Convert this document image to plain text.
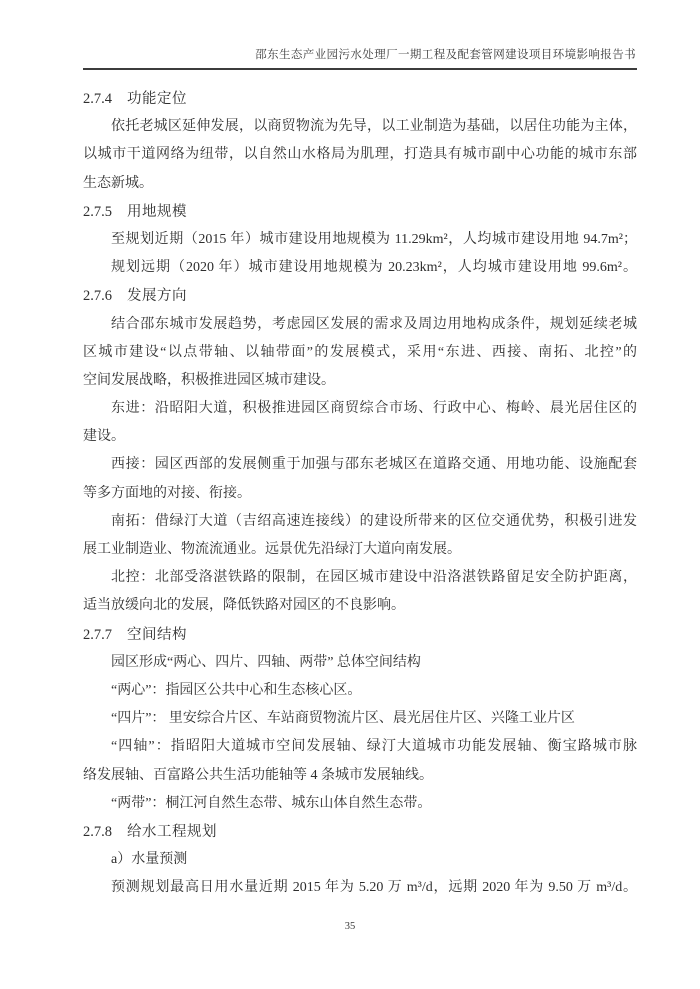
邵东生态产业园污水处理厂一期工程及配套管网建设项目环境影响报告书
2.7.4 功能定位
依托老城区延伸发展，以商贸物流为先导，以工业制造为基础，以居住功能为主体，
以城市干道网络为纽带，以自然山水格局为肌理，打造具有城市副中心功能的城市东部
生态新城。
2.7.5 用地规模
至规划近期（2015 年）城市建设用地规模为 11.29km²，人均城市建设用地 94.7m²；
规划远期（2020 年）城市建设用地规模为 20.23km²，人均城市建设用地 99.6m²。
2.7.6 发展方向
结合邵东城市发展趋势，考虑园区发展的需求及周边用地构成条件，规划延续老城
区城市建设“以点带轴、以轴带面”的发展模式，采用“东进、西接、南拓、北控”的
空间发展战略，积极推进园区城市建设。
东进：沿昭阳大道，积极推进园区商贸综合市场、行政中心、梅岭、晨光居住区的
建设。
西接：园区西部的发展侧重于加强与邵东老城区在道路交通、用地功能、设施配套
等多方面地的对接、衔接。
南拓：借绿汀大道（吉绍高速连接线）的建设所带来的区位交通优势，积极引进发
展工业制造业、物流流通业。远景优先沿绿汀大道向南发展。
北控：北部受洛湛铁路的限制，在园区城市建设中沿洛湛铁路留足安全防护距离，
适当放缓向北的发展，降低铁路对园区的不良影响。
2.7.7 空间结构
园区形成“两心、四片、四轴、两带” 总体空间结构
“两心”：指园区公共中心和生态核心区。
“四片”： 里安综合片区、车站商贸物流片区、晨光居住片区、兴隆工业片区
“四轴”：指昭阳大道城市空间发展轴、绿汀大道城市功能发展轴、衡宝路城市脉
络发展轴、百富路公共生活功能轴等 4 条城市发展轴线。
“两带”：桐江河自然生态带、城东山体自然生态带。
2.7.8 给水工程规划
a）水量预测
预测规划最高日用水量近期 2015 年为 5.20 万 m³/d，远期 2020 年为 9.50 万 m³/d。
35
